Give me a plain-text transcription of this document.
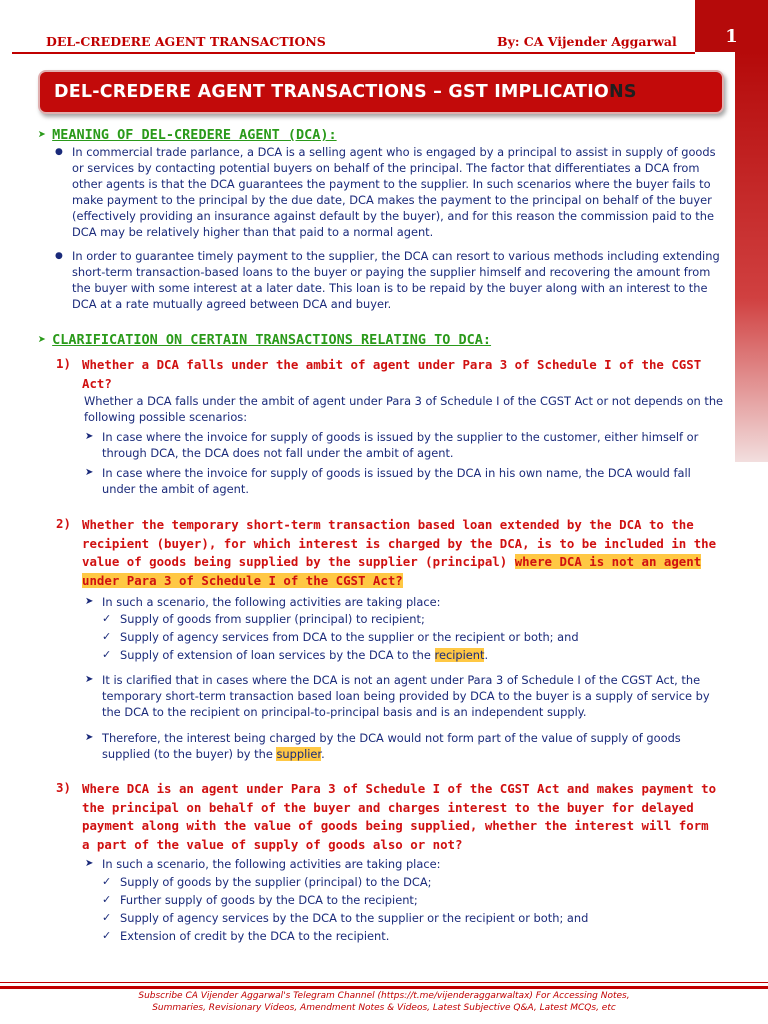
DEL-CREDERE AGENT TRANSACTIONS	By: CA Vijender Aggarwal	1
DEL-CREDERE AGENT TRANSACTIONS – GST IMPLICATIONS
➤ MEANING OF DEL-CREDERE AGENT (DCA):
● In commercial trade parlance, a DCA is a selling agent who is engaged by a principal to assist in supply of goods or services by contacting potential buyers on behalf of the principal. The factor that differentiates a DCA from other agents is that the DCA guarantees the payment to the supplier. In such scenarios where the buyer fails to make payment to the principal by the due date, DCA makes the payment to the principal on behalf of the buyer (effectively providing an insurance against default by the buyer), and for this reason the commission paid to the DCA may be relatively higher than that paid to a normal agent.
● In order to guarantee timely payment to the supplier, the DCA can resort to various methods including extending short-term transaction-based loans to the buyer or paying the supplier himself and recovering the amount from the buyer with some interest at a later date. This loan is to be repaid by the buyer along with an interest to the DCA at a rate mutually agreed between DCA and buyer.
➤ CLARIFICATION ON CERTAIN TRANSACTIONS RELATING TO DCA:
1) Whether a DCA falls under the ambit of agent under Para 3 of Schedule I of the CGST Act?
Whether a DCA falls under the ambit of agent under Para 3 of Schedule I of the CGST Act or not depends on the following possible scenarios:
➤ In case where the invoice for supply of goods is issued by the supplier to the customer, either himself or through DCA, the DCA does not fall under the ambit of agent.
➤ In case where the invoice for supply of goods is issued by the DCA in his own name, the DCA would fall under the ambit of agent.
2) Whether the temporary short-term transaction based loan extended by the DCA to the recipient (buyer), for which interest is charged by the DCA, is to be included in the value of goods being supplied by the supplier (principal) where DCA is not an agent under Para 3 of Schedule I of the CGST Act?
➤ In such a scenario, the following activities are taking place:
✓ Supply of goods from supplier (principal) to recipient;
✓ Supply of agency services from DCA to the supplier or the recipient or both; and
✓ Supply of extension of loan services by the DCA to the recipient.
➤ It is clarified that in cases where the DCA is not an agent under Para 3 of Schedule I of the CGST Act, the temporary short-term transaction based loan being provided by DCA to the buyer is a supply of service by the DCA to the recipient on principal-to-principal basis and is an independent supply.
➤ Therefore, the interest being charged by the DCA would not form part of the value of supply of goods supplied (to the buyer) by the supplier.
3) Where DCA is an agent under Para 3 of Schedule I of the CGST Act and makes payment to the principal on behalf of the buyer and charges interest to the buyer for delayed payment along with the value of goods being supplied, whether the interest will form a part of the value of supply of goods also or not?
➤ In such a scenario, the following activities are taking place:
✓ Supply of goods by the supplier (principal) to the DCA;
✓ Further supply of goods by the DCA to the recipient;
✓ Supply of agency services by the DCA to the supplier or the recipient or both; and
✓ Extension of credit by the DCA to the recipient.
Subscribe CA Vijender Aggarwal's Telegram Channel (https://t.me/vijenderaggarwaltax) For Accessing Notes,
Summaries, Revisionary Videos, Amendment Notes & Videos, Latest Subjective Q&A, Latest MCQs, etc
